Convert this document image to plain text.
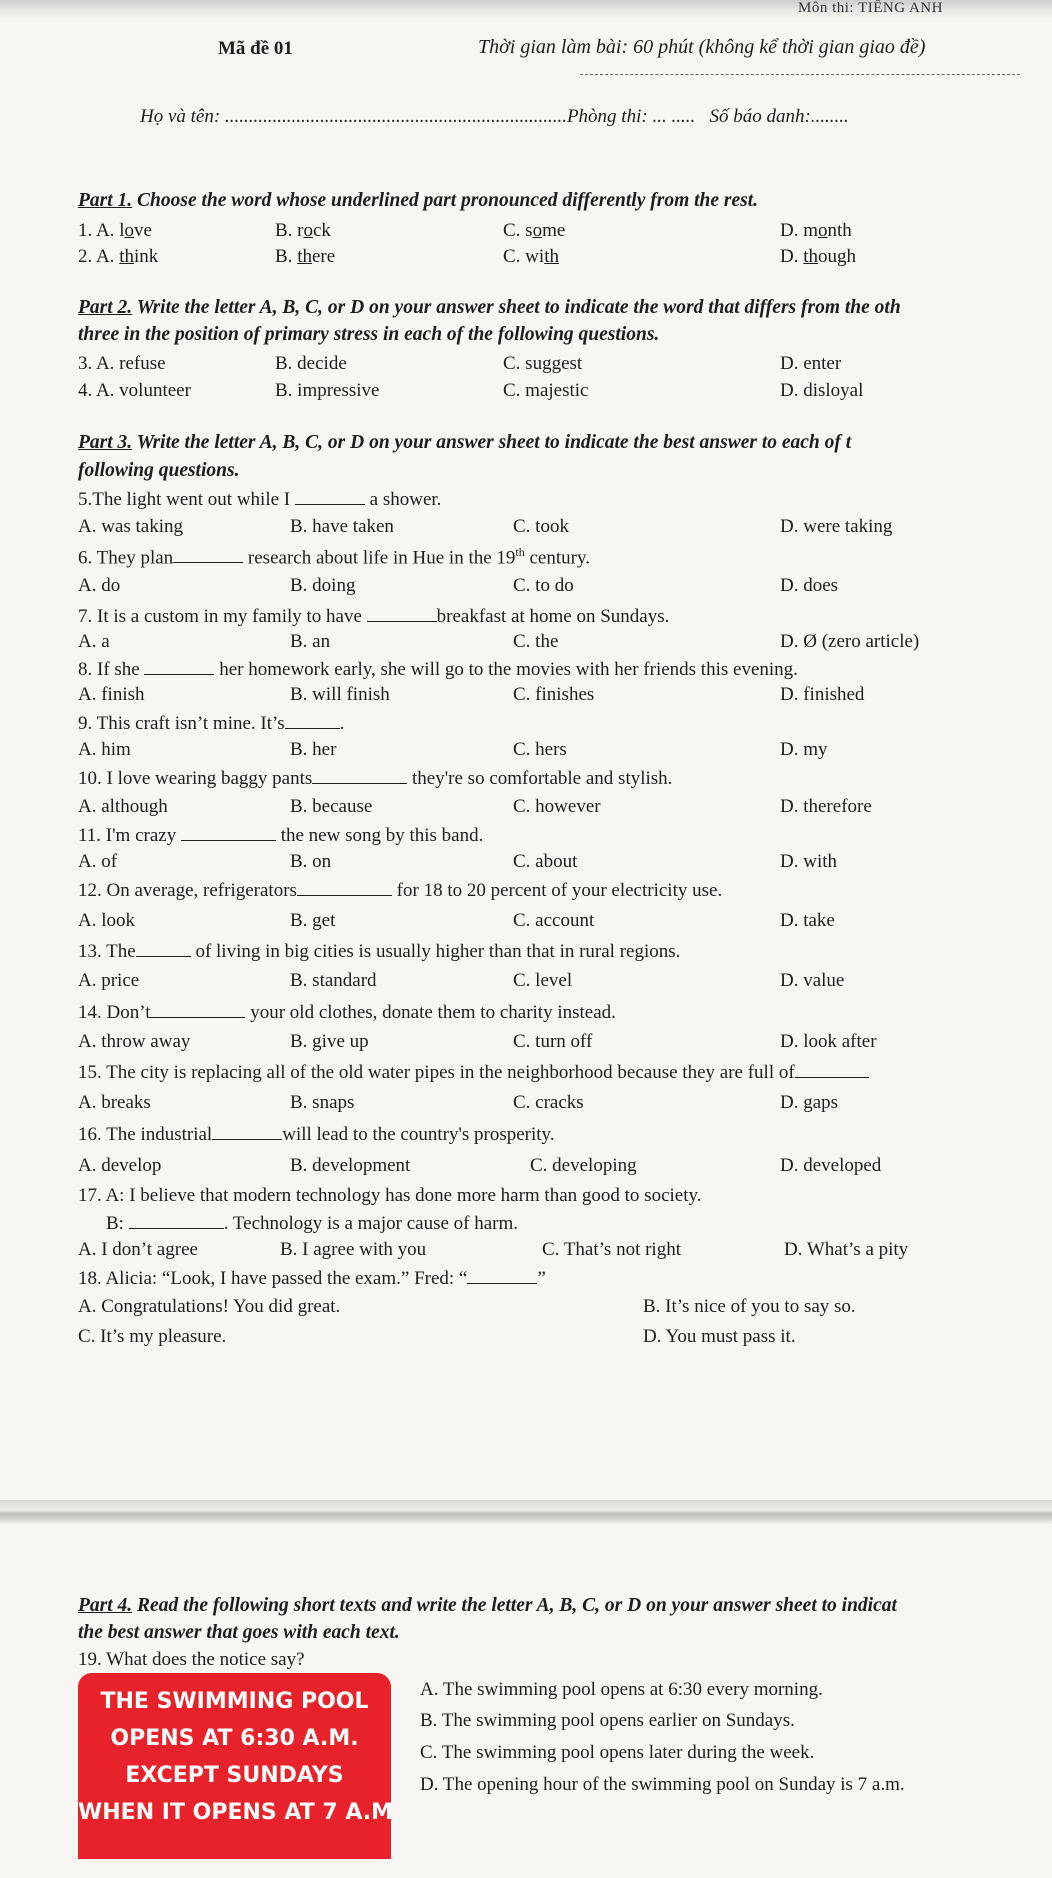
Môn thi: TIẾNG ANH
Mã đề 01	Thời gian làm bài: 60 phút (không kể thời gian giao đề)
Họ và tên: ........................................................................Phòng thi: ... ..... Số báo danh:........
Part 1. Choose the word whose underlined part pronounced differently from the rest.
1. A. love	B. rock	C. some	D. month
2. A. think	B. there	C. with	D. though
Part 2. Write the letter A, B, C, or D on your answer sheet to indicate the word that differs from the oth
three in the position of primary stress in each of the following questions.
3. A. refuse	B. decide	C. suggest	D. enter
4. A. volunteer	B. impressive	C. majestic	D. disloyal
Part 3. Write the letter A, B, C, or D on your answer sheet to indicate the best answer to each of t
following questions.
5.The light went out while I	a shower.
A. was taking	B. have taken	C. took	D. were taking
6. They plan	research about life in Hue in the 19th century.
A. do	B. doing	C. to do	D. does
7. It is a custom in my family to have	breakfast at home on Sundays.
A. a	B. an	C. the	D. Ø (zero article)
8. If she	her homework early, she will go to the movies with her friends this evening.
A. finish	B. will finish	C. finishes	D. finished
9. This craft isn’t mine. It’s	.
A. him	B. her	C. hers	D. my
10. I love wearing baggy pants	they're so comfortable and stylish.
A. although	B. because	C. however	D. therefore
11. I'm crazy	the new song by this band.
A. of	B. on	C. about	D. with
12. On average, refrigerators	for 18 to 20 percent of your electricity use.
A. look	B. get	C. account	D. take
13. The	of living in big cities is usually higher than that in rural regions.
A. price	B. standard	C. level	D. value
14. Don’t	your old clothes, donate them to charity instead.
A. throw away	B. give up	C. turn off	D. look after
15. The city is replacing all of the old water pipes in the neighborhood because they are full of
A. breaks	B. snaps	C. cracks	D. gaps
16. The industrial	will lead to the country's prosperity.
A. develop	B. development	C. developing	D. developed
17. A: I believe that modern technology has done more harm than good to society.
B:	. Technology is a major cause of harm.
A. I don’t agree	B. I agree with you	C. That’s not right	D. What’s a pity
18. Alicia: “Look, I have passed the exam.” Fred: “	”
A. Congratulations! You did great.	B. It’s nice of you to say so.
C. It’s my pleasure.	D. You must pass it.
Part 4. Read the following short texts and write the letter A, B, C, or D on your answer sheet to indicat
the best answer that goes with each text.
19. What does the notice say?
THE SWIMMING POOL
OPENS AT 6:30 A.M.
EXCEPT SUNDAYS
WHEN IT OPENS AT 7 A.M
A. The swimming pool opens at 6:30 every morning.
B. The swimming pool opens earlier on Sundays.
C. The swimming pool opens later during the week.
D. The opening hour of the swimming pool on Sunday is 7 a.m.
